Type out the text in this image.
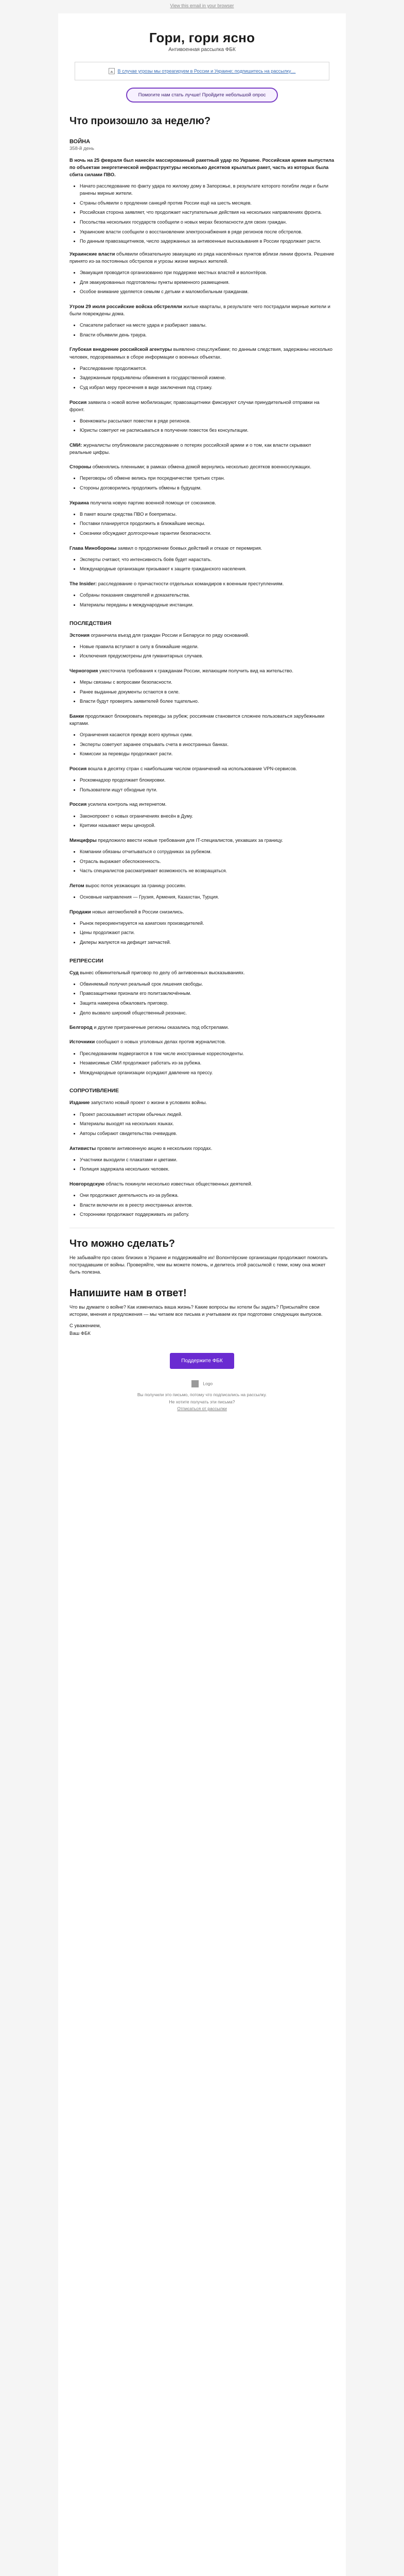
View this email in your browser
Гори, гори ясно
Антивоенная рассылка ФБК
В случае угрозы мы отреагируем в России и Украине; подпишитесь на рассылку…
Помогите нам стать лучше! Пройдите небольшой опрос
Что произошло за неделю?
ВОЙНА
358-й день

В ночь на 25 февраля был нанесён массированный ракетный удар по Украине. Российская армия выпустила по объектам энергетической инфраструктуры несколько десятков крылатых ракет, часть из которых была сбита силами ПВО.

• Начато расследование по факту удара по жилому дому в Запорожье, в результате которого погибли люди и были ранены мирные жители.
• Страны объявили о продлении санкций против России ещё на шесть месяцев.
• Российская сторона заявляет, что продолжает наступательные действия на нескольких направлениях фронта.
• Посольства нескольких государств сообщили о новых мерах безопасности для своих граждан.
• Украинские власти сообщили о восстановлении электроснабжения в ряде регионов после обстрелов.
• По данным правозащитников, число задержанных за антивоенные высказывания в России продолжает расти.

Украинские власти объявили обязательную эвакуацию из ряда населённых пунктов вблизи линии фронта. Решение принято из-за постоянных обстрелов и угрозы жизни мирных жителей.

• Эвакуация проводится организованно при поддержке местных властей и волонтёров.
• Для эвакуированных подготовлены пункты временного размещения.
• Особое внимание уделяется семьям с детьми и маломобильным гражданам.

Утром 29 июля российские войска обстреляли жилые кварталы, в результате чего пострадали мирные жители и были повреждены дома.

• Спасатели работают на месте удара и разбирают завалы.
• Власти объявили день траура.

Глубокая внедрение российской агентуры выявлено спецслужбами; по данным следствия, задержаны несколько человек, подозреваемых в сборе информации о военных объектах.

• Расследование продолжается.
• Задержанным предъявлены обвинения в государственной измене.
• Суд избрал меру пресечения в виде заключения под стражу.

Россия заявила о новой волне мобилизации; правозащитники фиксируют случаи принудительной отправки на фронт.

• Военкоматы рассылают повестки в ряде регионов.
• Юристы советуют не расписываться в получении повесток без консультации.

СМИ: журналисты опубликовали расследование о потерях российской армии и о том, как власти скрывают реальные цифры.

Стороны обменялись пленными; в рамках обмена домой вернулись несколько десятков военнослужащих.

• Переговоры об обмене велись при посредничестве третьих стран.
• Стороны договорились продолжить обмены в будущем.

Украина получила новую партию военной помощи от союзников.

• В пакет вошли средства ПВО и боеприпасы.
• Поставки планируется продолжить в ближайшие месяцы.
• Союзники обсуждают долгосрочные гарантии безопасности.

Глава Минобороны заявил о продолжении боевых действий и отказе от перемирия.

• Эксперты считают, что интенсивность боёв будет нарастать.
• Международные организации призывают к защите гражданского населения.

The Insider: расследование о причастности отдельных командиров к военным преступлениям.

• Собраны показания свидетелей и доказательства.
• Материалы переданы в международные инстанции.
ПОСЛЕДСТВИЯ

Эстония ограничила въезд для граждан России и Беларуси по ряду оснований.

• Новые правила вступают в силу в ближайшие недели.
• Исключения предусмотрены для гуманитарных случаев.

Черногория ужесточила требования к гражданам России, желающим получить вид на жительство.

• Меры связаны с вопросами безопасности.
• Ранее выданные документы остаются в силе.
• Власти будут проверять заявителей более тщательно.

Банки продолжают блокировать переводы за рубеж; россиянам становится сложнее пользоваться зарубежными картами.

• Ограничения касаются прежде всего крупных сумм.
• Эксперты советуют заранее открывать счета в иностранных банках.
• Комиссии за переводы продолжают расти.

Россия вошла в десятку стран с наибольшим числом ограничений на использование VPN-сервисов.

• Роскомнадзор продолжает блокировки.
• Пользователи ищут обходные пути.

Россия усилила контроль над интернетом.

• Законопроект о новых ограничениях внесён в Думу.
• Критики называют меры цензурой.

Минцифры предложило ввести новые требования для IT-специалистов, уехавших за границу.

• Компании обязаны отчитываться о сотрудниках за рубежом.
• Отрасль выражает обеспокоенность.
• Часть специалистов рассматривает возможность не возвращаться.

Летом вырос поток уезжающих за границу россиян.

• Основные направления — Грузия, Армения, Казахстан, Турция.

Продажи новых автомобилей в России снизились.

• Рынок переориентируется на азиатских производителей.
• Цены продолжают расти.
• Дилеры жалуются на дефицит запчастей.
РЕПРЕССИИ

Суд вынес обвинительный приговор по делу об антивоенных высказываниях.

• Обвиняемый получил реальный срок лишения свободы.
• Правозащитники признали его политзаключённым.
• Защита намерена обжаловать приговор.
• Дело вызвало широкий общественный резонанс.

Белгород и другие приграничные регионы оказались под обстрелами.

Источники сообщают о новых уголовных делах против журналистов.

• Преследованиям подвергаются в том числе иностранные корреспонденты.
• Независимые СМИ продолжают работать из-за рубежа.
• Международные организации осуждают давление на прессу.
СОПРОТИВЛЕНИЕ

Издание запустило новый проект о жизни в условиях войны.

• Проект рассказывает истории обычных людей.
• Материалы выходят на нескольких языках.
• Авторы собирают свидетельства очевидцев.

Активисты провели антивоенную акцию в нескольких городах.

• Участники выходили с плакатами и цветами.
• Полиция задержала нескольких человек.

Новгородскую область покинули несколько известных общественных деятелей.

• Они продолжают деятельность из-за рубежа.
• Власти включили их в реестр иностранных агентов.
• Сторонники продолжают поддерживать их работу.
Что можно сделать?

Не забывайте про своих близких в Украине и поддерживайте их! Волонтёрские организации продолжают помогать пострадавшим от войны. Проверяйте, чем вы можете помочь, и делитесь этой рассылкой с теми, кому она может быть полезна.

Напишите нам в ответ!

Что вы думаете о войне? Как изменилась ваша жизнь? Какие вопросы вы хотели бы задать? Присылайте свои истории, мнения и предложения — мы читаем все письма и учитываем их при подготовке следующих выпусков.

С уважением,
Ваш ФБК
Поддержите ФБК
Logo
Вы получили это письмо, потому что подписались на рассылку.
Не хотите получать эти письма?
Отписаться от рассылки
